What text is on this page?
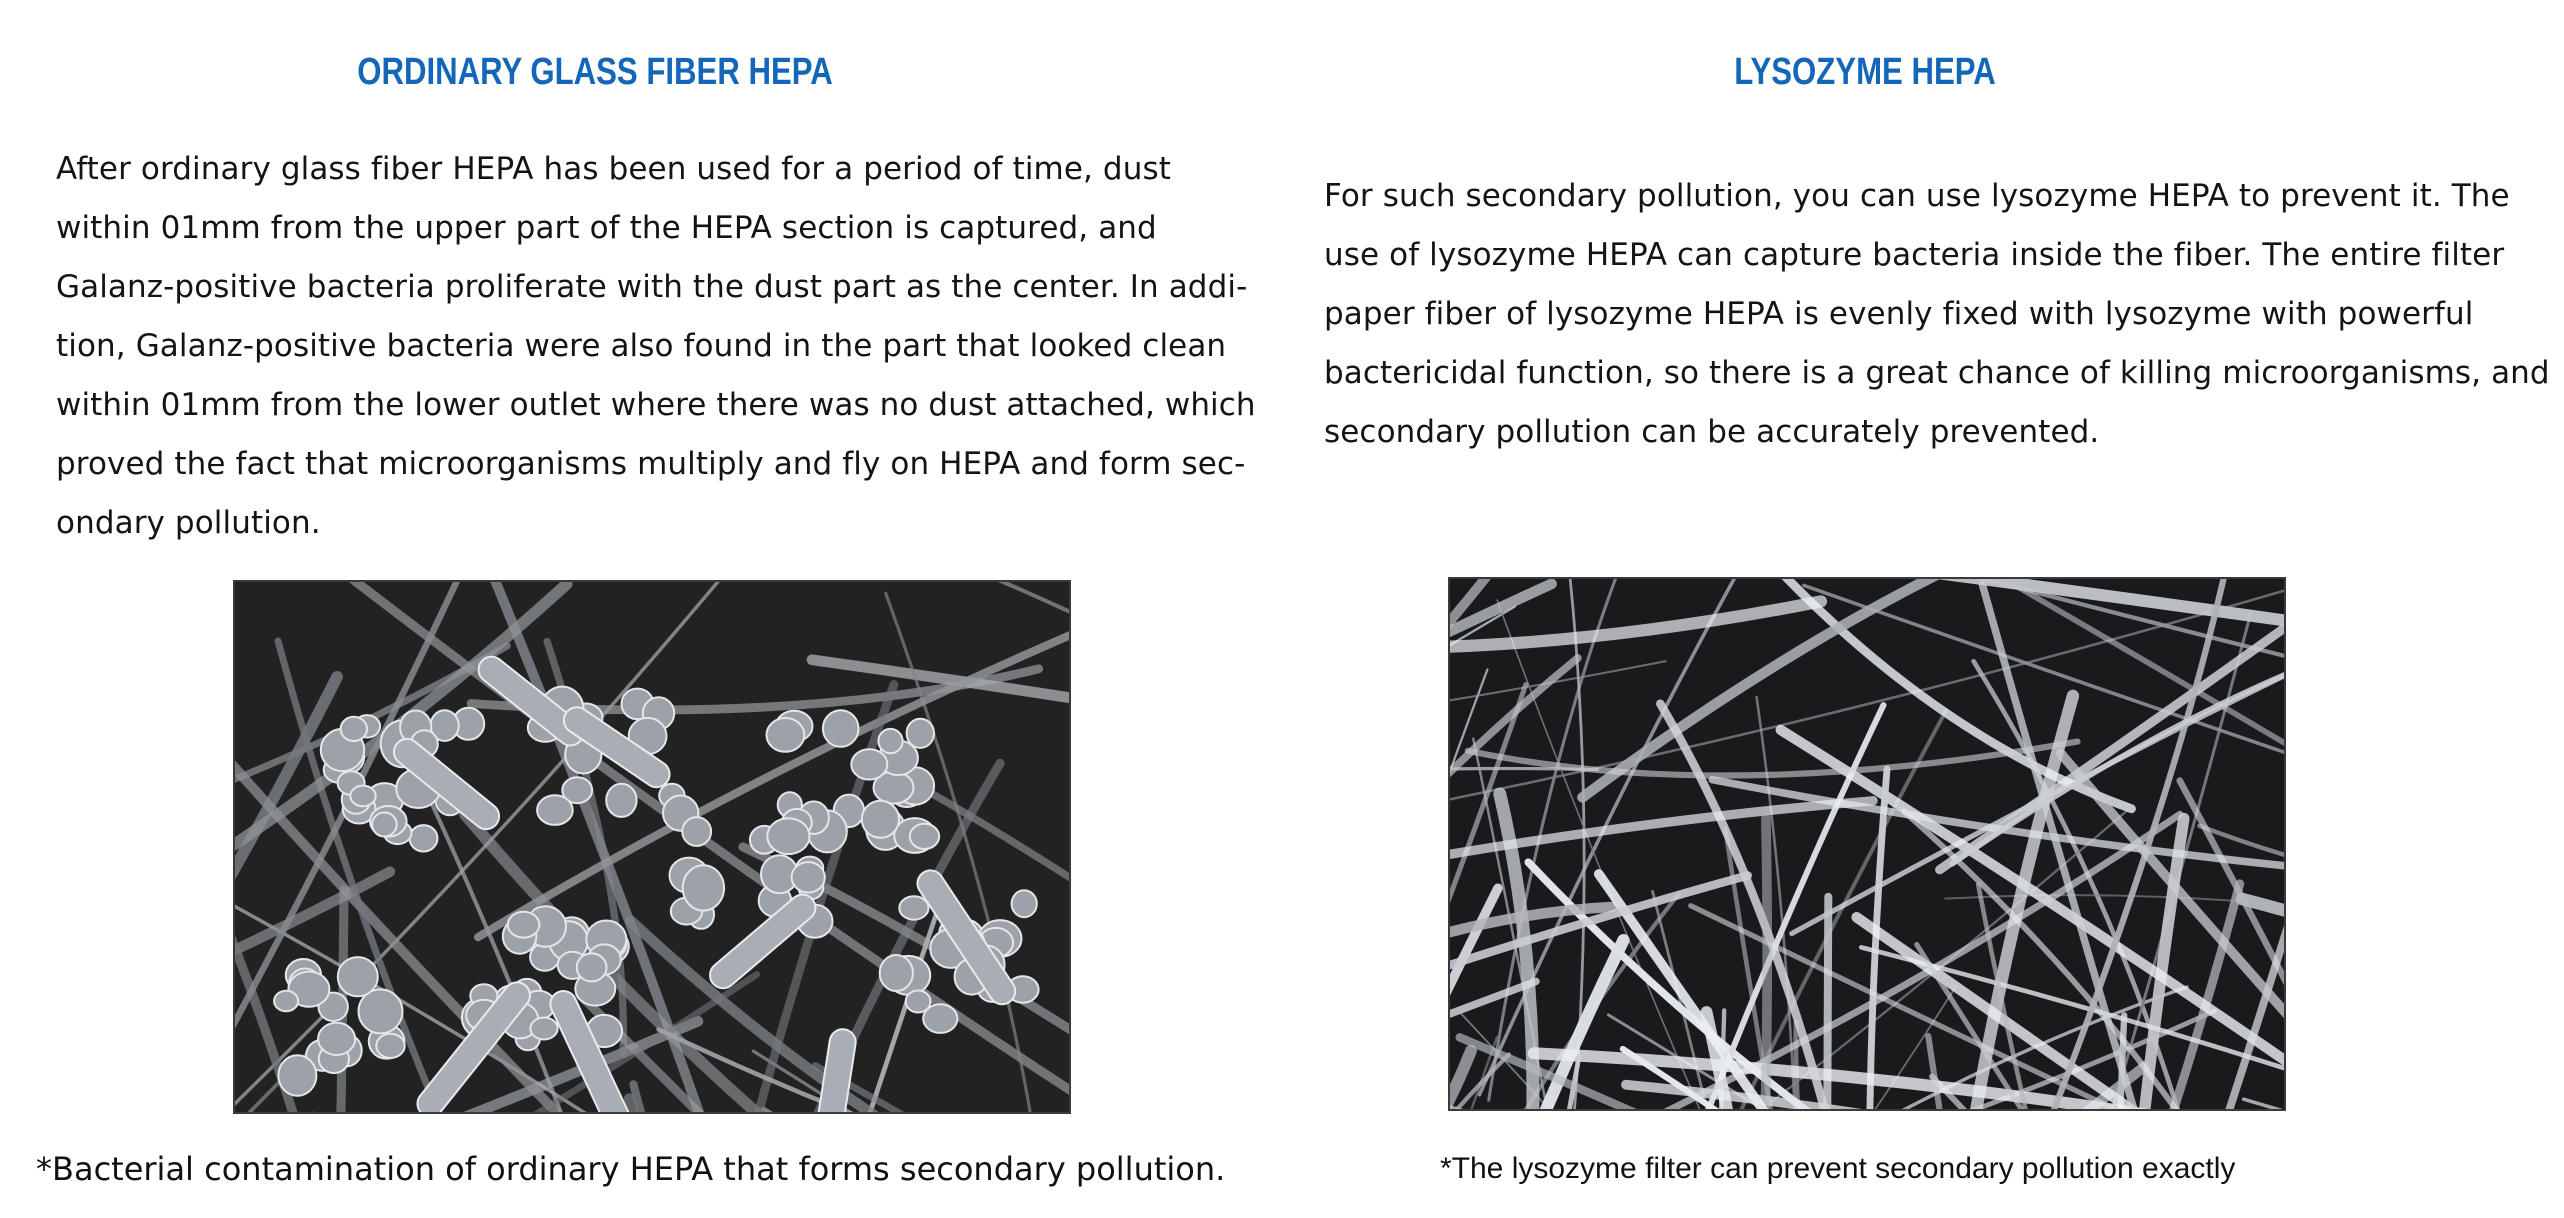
ORDINARY GLASS FIBER HEPA

After ordinary glass fiber HEPA has been used for a period of time, dust
within 01mm from the upper part of the HEPA section is captured, and
Galanz-positive bacteria proliferate with the dust part as the center. In addi-
tion, Galanz-positive bacteria were also found in the part that looked clean
within 01mm from the lower outlet where there was no dust attached, which
proved the fact that microorganisms multiply and fly on HEPA and form sec-
ondary pollution.

*Bacterial contamination of ordinary HEPA that forms secondary pollution.

LYSOZYME HEPA

For such secondary pollution, you can use lysozyme HEPA to prevent it. The
use of lysozyme HEPA can capture bacteria inside the fiber. The entire filter
paper fiber of lysozyme HEPA is evenly fixed with lysozyme with powerful
bactericidal function, so there is a great chance of killing microorganisms, and
secondary pollution can be accurately prevented.

*The lysozyme filter can prevent secondary pollution exactly
